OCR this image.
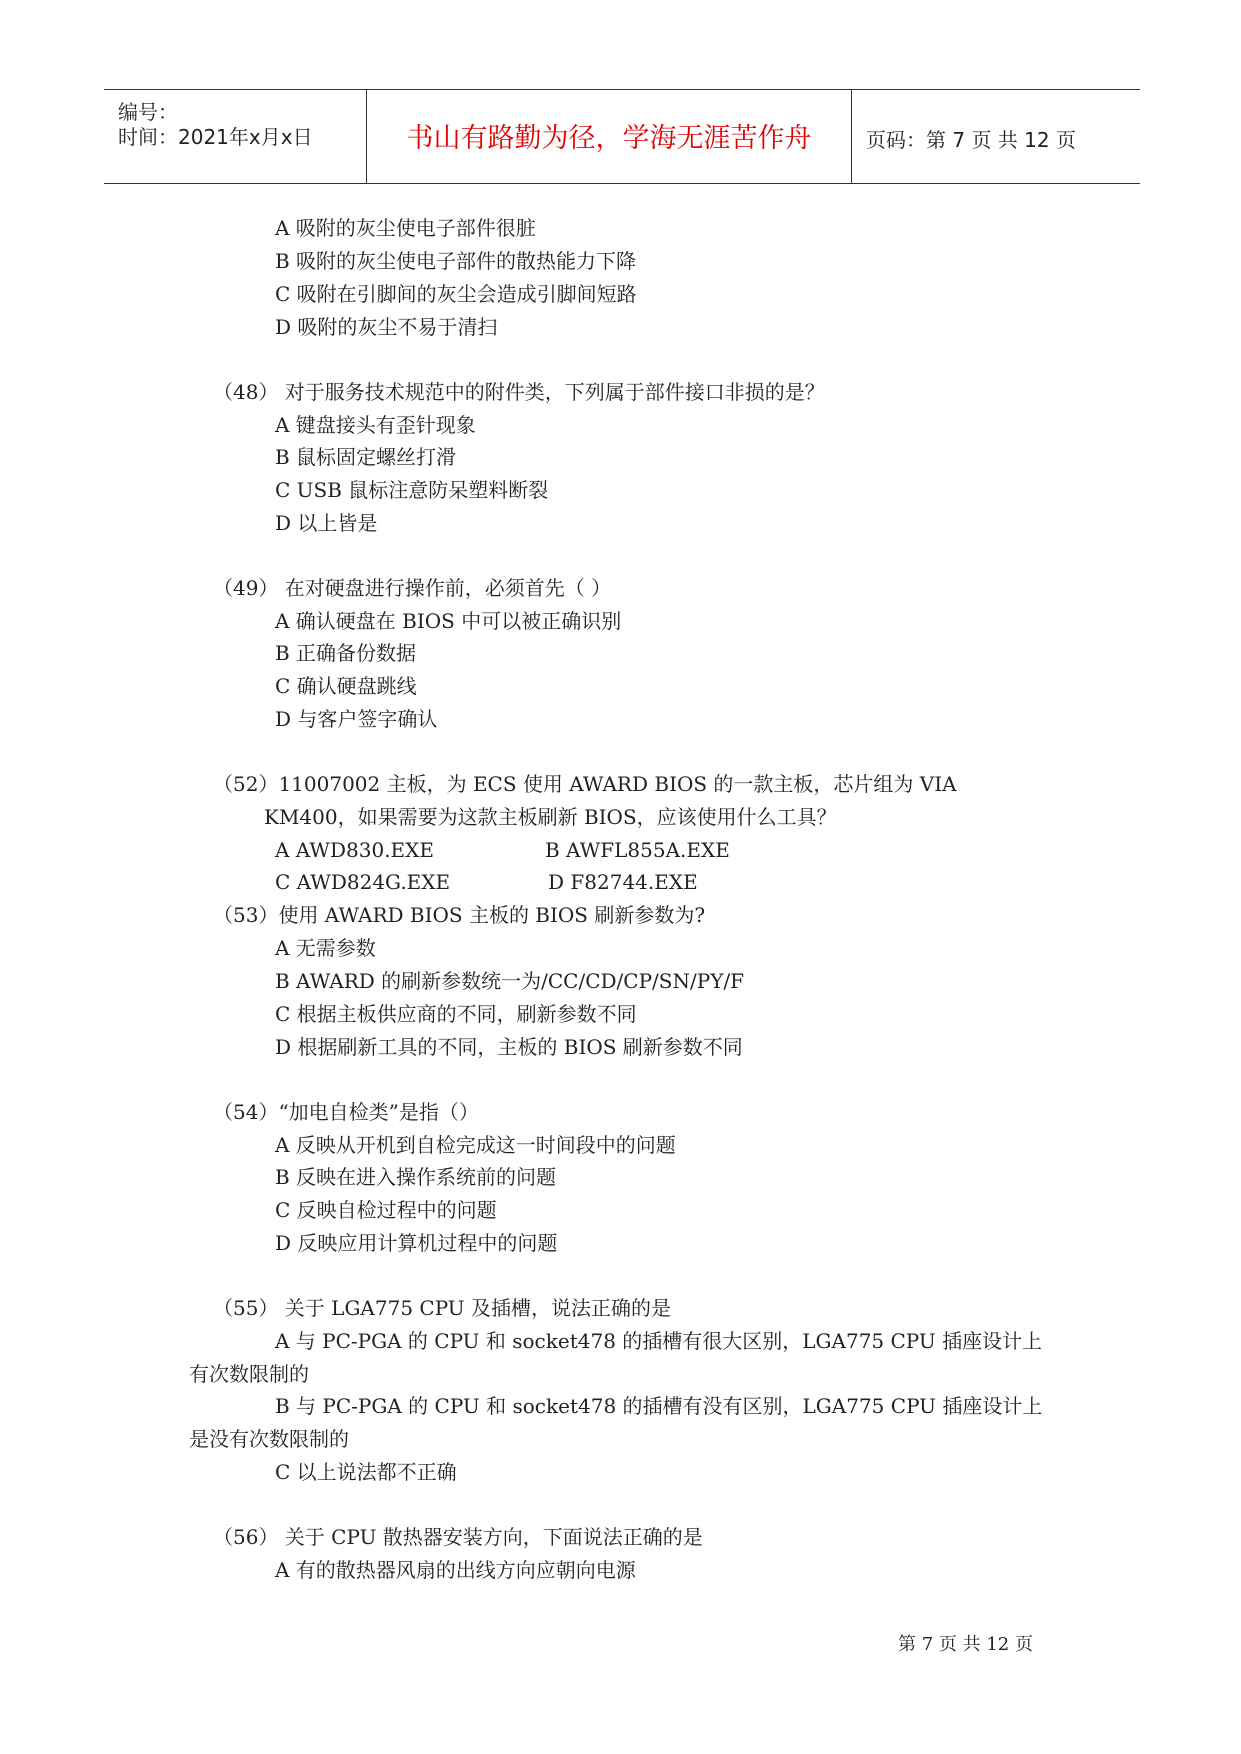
编号：
时间：2021年x月x日	书山有路勤为径，学海无涯苦作舟	页码：第 7 页 共 12 页
A 吸附的灰尘使电子部件很脏
B 吸附的灰尘使电子部件的散热能力下降
C 吸附在引脚间的灰尘会造成引脚间短路
D 吸附的灰尘不易于清扫
（48） 对于服务技术规范中的附件类，下列属于部件接口非损的是？
A 键盘接头有歪针现象
B 鼠标固定螺丝打滑
C USB 鼠标注意防呆塑料断裂
D 以上皆是
（49） 在对硬盘进行操作前，必须首先（ ）
A 确认硬盘在 BIOS 中可以被正确识别
B 正确备份数据
C 确认硬盘跳线
D 与客户签字确认
（52）11007002 主板，为 ECS 使用 AWARD BIOS 的一款主板，芯片组为 VIA
KM400，如果需要为这款主板刷新 BIOS，应该使用什么工具？
A AWD830.EXE	B AWFL855A.EXE
C AWD824G.EXE	D F82744.EXE
（53）使用 AWARD BIOS 主板的 BIOS 刷新参数为?
A 无需参数
B AWARD 的刷新参数统一为/CC/CD/CP/SN/PY/F
C 根据主板供应商的不同，刷新参数不同
D 根据刷新工具的不同，主板的 BIOS 刷新参数不同
（54）“加电自检类”是指（）
A 反映从开机到自检完成这一时间段中的问题
B 反映在进入操作系统前的问题
C 反映自检过程中的问题
D 反映应用计算机过程中的问题
（55） 关于 LGA775 CPU 及插槽，说法正确的是
A 与 PC-PGA 的 CPU 和 socket478 的插槽有很大区别，LGA775 CPU 插座设计上
有次数限制的
B 与 PC-PGA 的 CPU 和 socket478 的插槽有没有区别，LGA775 CPU 插座设计上
是没有次数限制的
C 以上说法都不正确
（56） 关于 CPU 散热器安装方向，下面说法正确的是
A 有的散热器风扇的出线方向应朝向电源
第 7 页 共 12 页
